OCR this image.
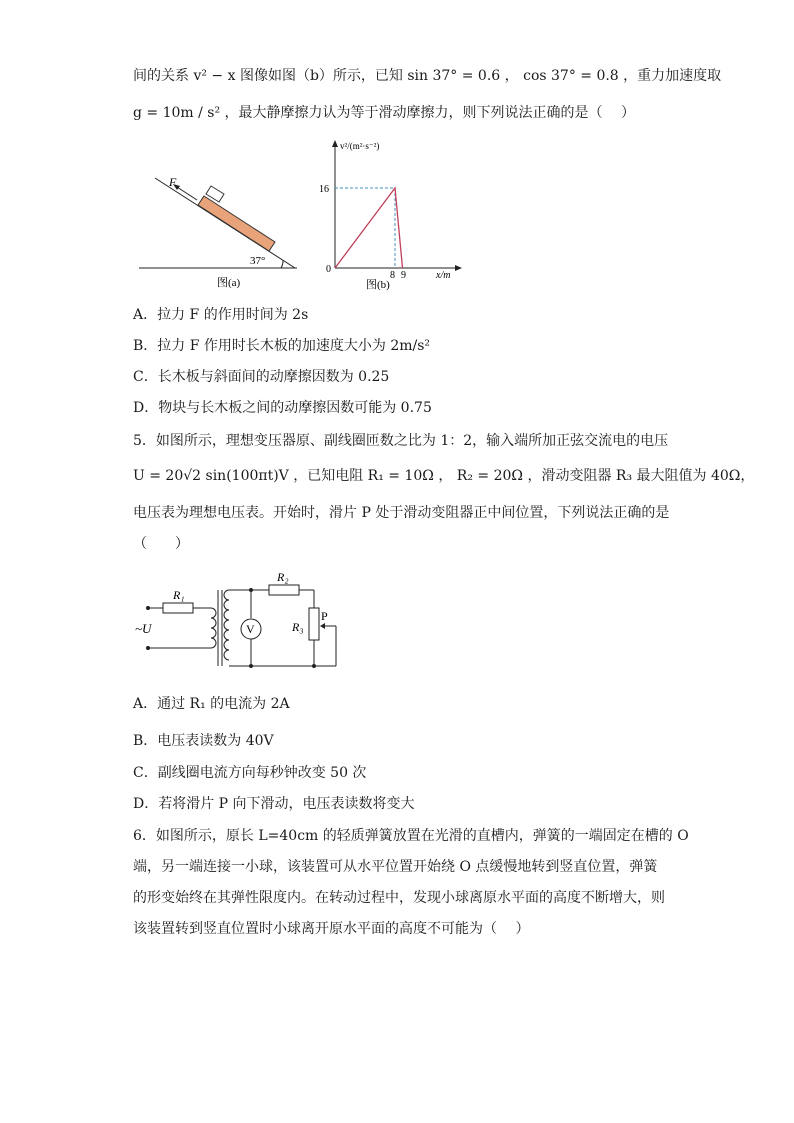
间的关系 v² − x 图像如图（b）所示，已知 sin 37° = 0.6 ， cos 37° = 0.8 ，重力加速度取
g = 10m / s² ，最大静摩擦力认为等于滑动摩擦力，则下列说法正确的是（　 ）
F
37°
图(a)
v²/(m²·s⁻²)
x/m
16
8 9
0
图(b)
A．拉力 F 的作用时间为 2s
B．拉力 F 作用时长木板的加速度大小为 2m/s²
C．长木板与斜面间的动摩擦因数为 0.25
D．物块与长木板之间的动摩擦因数可能为 0.75
5．如图所示，理想变压器原、副线圈匝数之比为 1：2，输入端所加正弦交流电的电压
U = 20√2 sin(100πt)V ，已知电阻 R₁ = 10Ω ， R₂ = 20Ω ，滑动变阻器 R₃ 最大阻值为 40Ω，
电压表为理想电压表。开始时，滑片 P 处于滑动变阻器正中间位置，下列说法正确的是
（　　）
R₁
~U
R₂
R₃
P
V
A．通过 R₁ 的电流为 2A
B．电压表读数为 40V
C．副线圈电流方向每秒钟改变 50 次
D．若将滑片 P 向下滑动，电压表读数将变大
6．如图所示，原长 L=40cm 的轻质弹簧放置在光滑的直槽内，弹簧的一端固定在槽的 O
端，另一端连接一小球，该装置可从水平位置开始绕 O 点缓慢地转到竖直位置，弹簧
的形变始终在其弹性限度内。在转动过程中，发现小球离原水平面的高度不断增大，则
该装置转到竖直位置时小球离开原水平面的高度不可能为（　 ）
